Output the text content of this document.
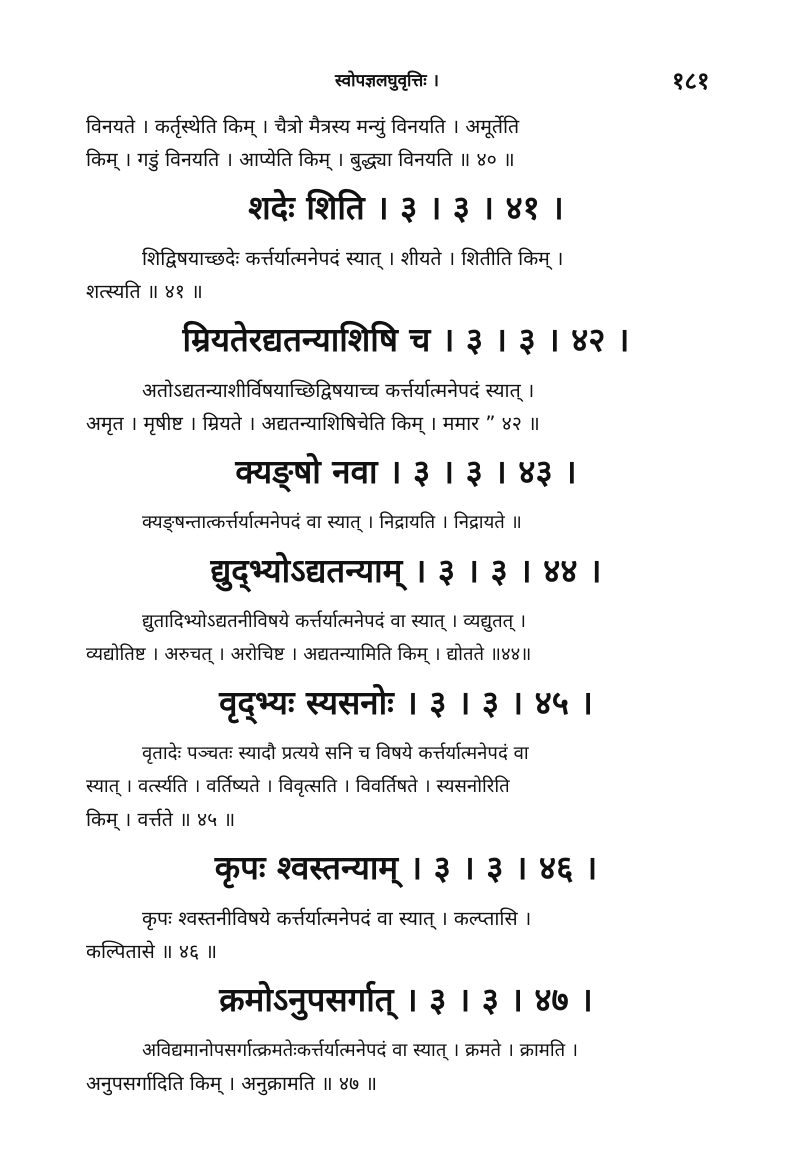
स्वोपज्ञलघुवृत्तिः ।	१८१
विनयते । कर्तृस्थेति किम् । चैत्रो मैत्रस्य मन्युं विनयति । अमूर्तेति
किम् । गडुं विनयति । आप्येति किम् । बुद्ध्या विनयति ॥ ४० ॥
शदेः शिति । ३ । ३ । ४१ ।
शिद्विषयाच्छदेः कर्त्तर्यात्मनेपदं स्यात् । शीयते । शितीति किम् ।
शत्स्यति ॥ ४१ ॥
म्रियतेरद्यतन्याशिषि च । ३ । ३ । ४२ ।
अतोऽद्यतन्याशीर्विषयाच्छिद्विषयाच्च कर्त्तर्यात्मनेपदं स्यात् ।
अमृत । मृषीष्ट । म्रियते । अद्यतन्याशिषिचेति किम् । ममार ” ४२ ॥
क्यङ्षो नवा । ३ । ३ । ४३ ।
क्यङ्षन्तात्कर्त्तर्यात्मनेपदं वा स्यात् । निद्रायति । निद्रायते ॥
द्युद्भ्योऽद्यतन्याम् । ३ । ३ । ४४ ।
द्युतादिभ्योऽद्यतनीविषये कर्त्तर्यात्मनेपदं वा स्यात् । व्यद्युतत् ।
व्यद्योतिष्ट । अरुचत् । अरोचिष्ट । अद्यतन्यामिति किम् । द्योतते ॥४४॥
वृद्भ्यः स्यसनोः । ३ । ३ । ४५ ।
वृतादेः पञ्चतः स्यादौ प्रत्यये सनि च विषये कर्त्तर्यात्मनेपदं वा
स्यात् । वर्त्स्यति । वर्तिष्यते । विवृत्सति । विवर्तिषते । स्यसनोरिति
किम् । वर्त्तते ॥ ४५ ॥
कृपः श्वस्तन्याम् । ३ । ३ । ४६ ।
कृपः श्वस्तनीविषये कर्त्तर्यात्मनेपदं वा स्यात् । कल्प्तासि ।
कल्पितासे ॥ ४६ ॥
क्रमोऽनुपसर्गात् । ३ । ३ । ४७ ।
अविद्यमानोपसर्गात्क्रमतेःकर्त्तर्यात्मनेपदं वा स्यात् । क्रमते । क्रामति ।
अनुपसर्गादिति किम् । अनुक्रामति ॥ ४७ ॥
